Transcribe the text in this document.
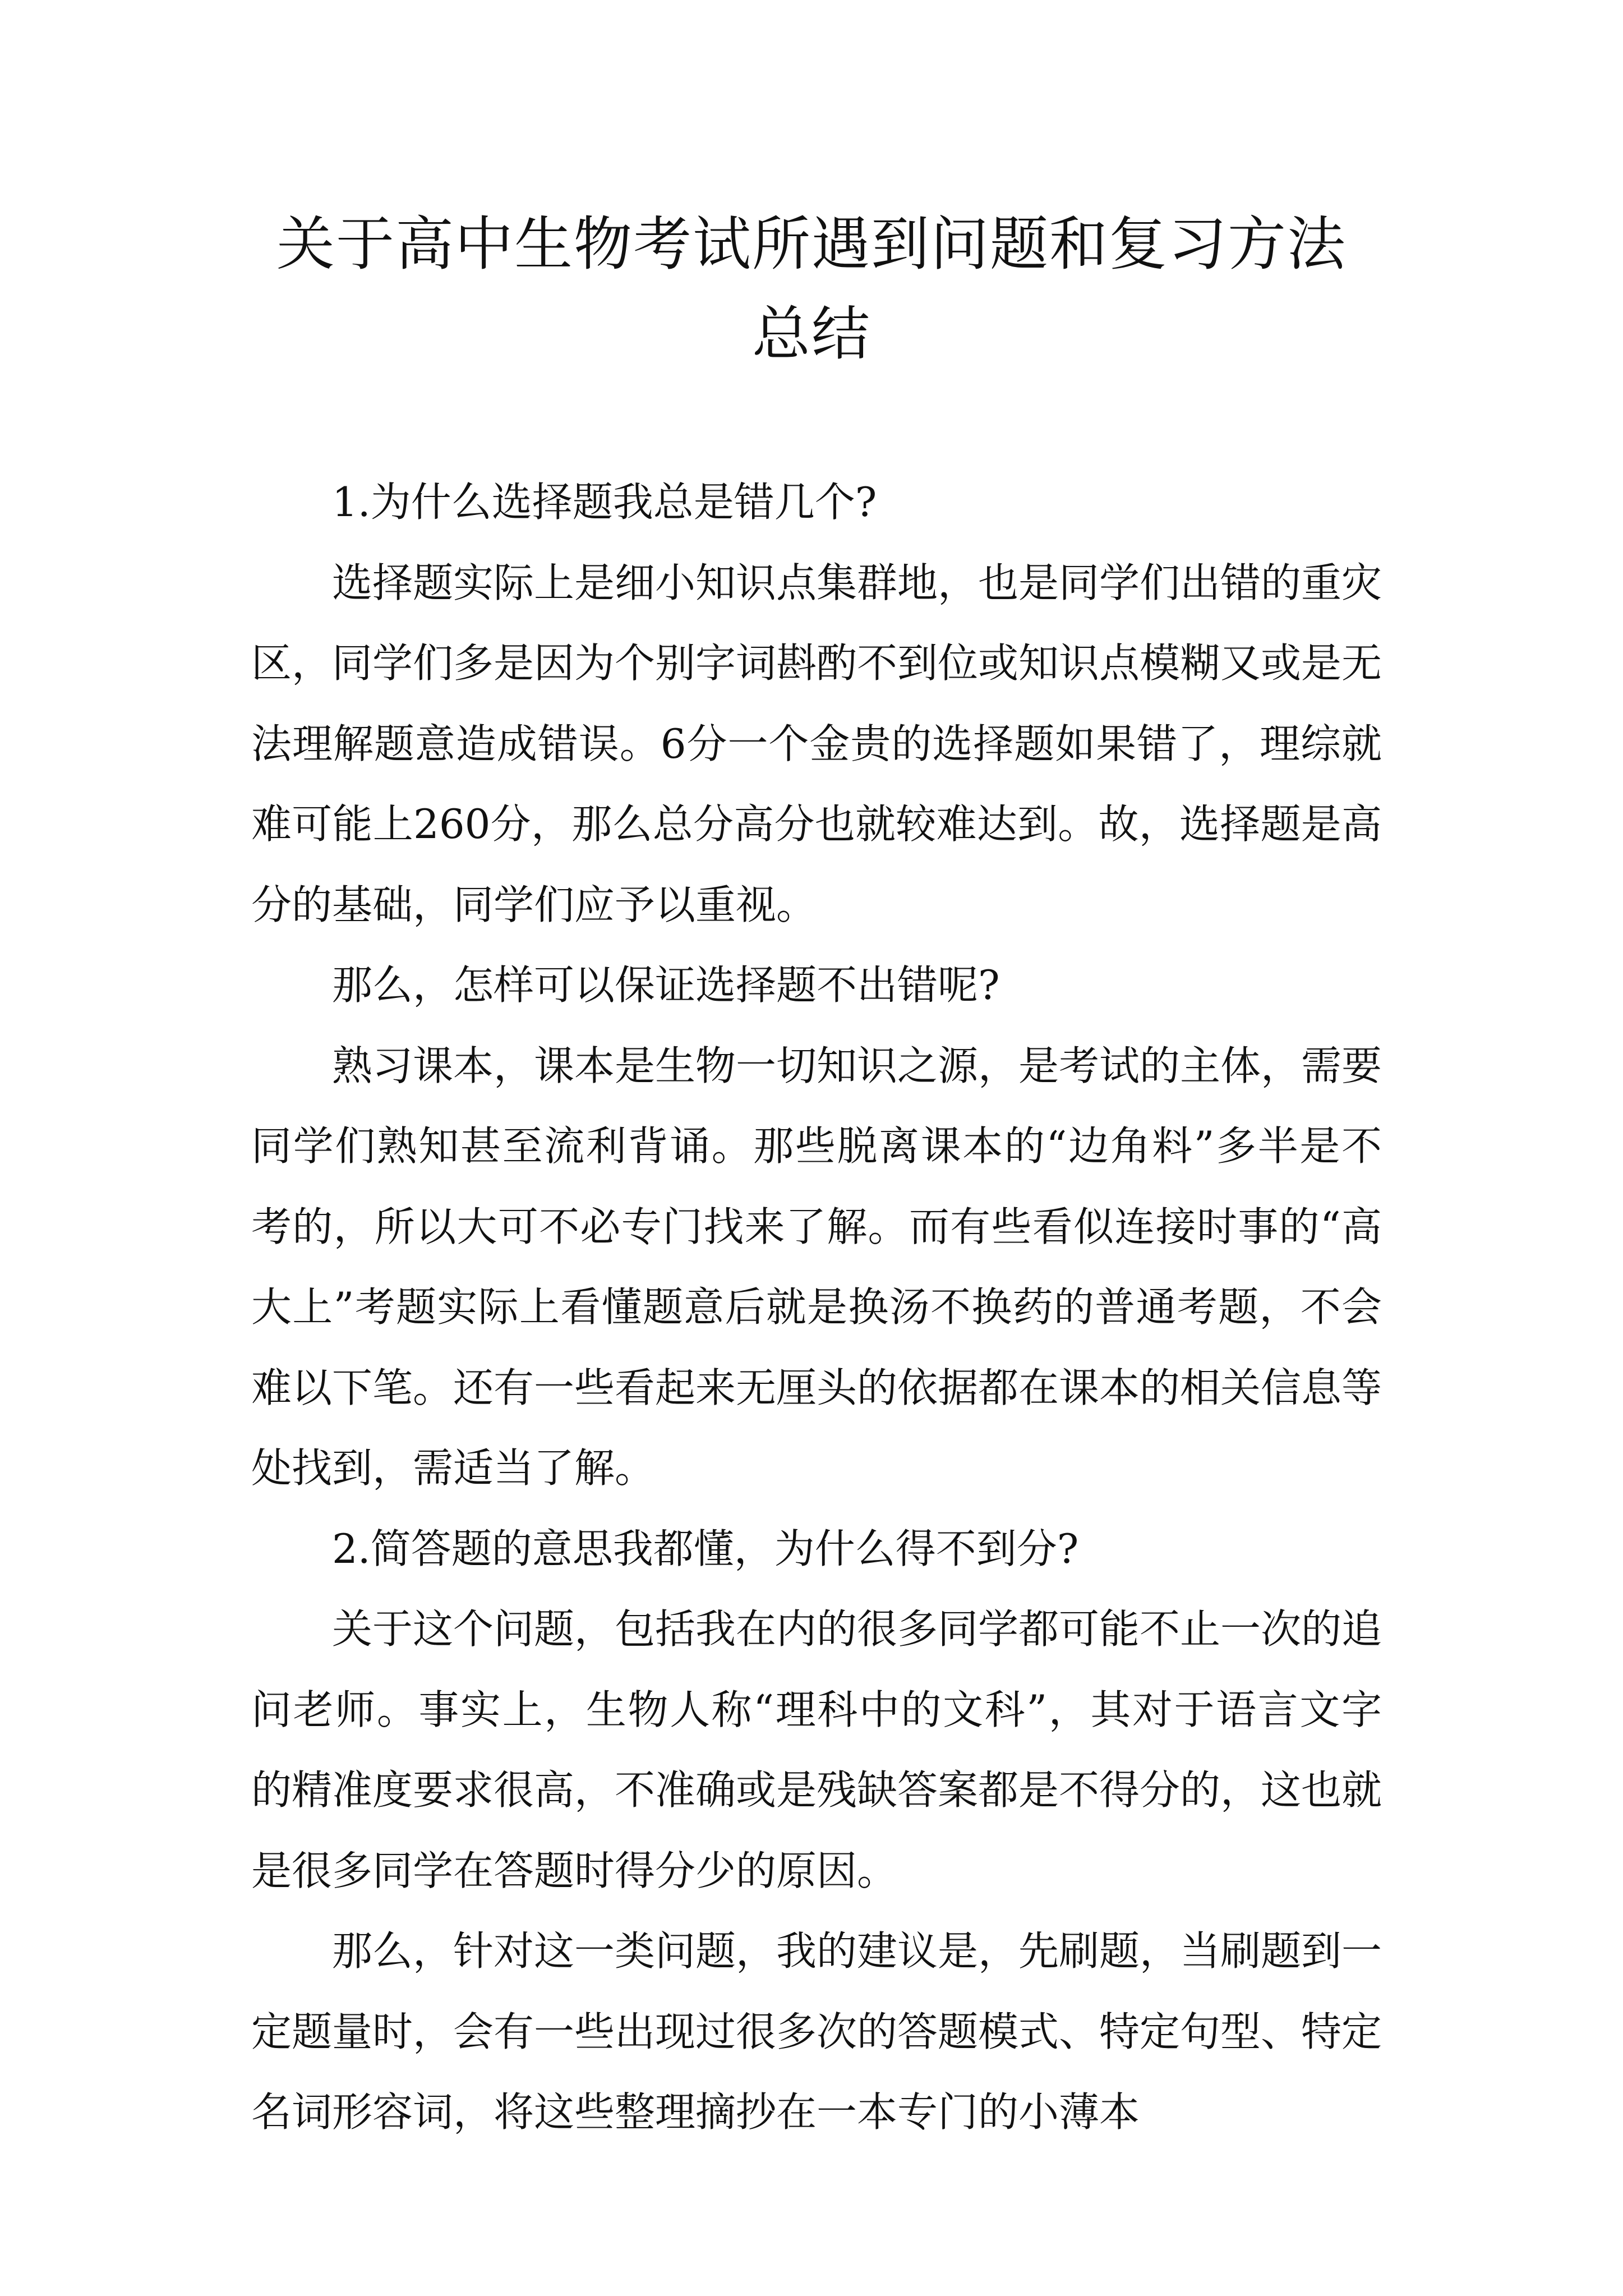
关于高中生物考试所遇到问题和复习方法
总结

1.为什么选择题我总是错几个?

选择题实际上是细小知识点集群地，也是同学们出错的重灾区，同学们多是因为个别字词斟酌不到位或知识点模糊又或是无法理解题意造成错误。6分一个金贵的选择题如果错了，理综就难可能上260分，那么总分高分也就较难达到。故，选择题是高分的基础，同学们应予以重视。

那么，怎样可以保证选择题不出错呢?

熟习课本，课本是生物一切知识之源，是考试的主体，需要同学们熟知甚至流利背诵。那些脱离课本的“边角料”多半是不考的，所以大可不必专门找来了解。而有些看似连接时事的“高大上”考题实际上看懂题意后就是换汤不换药的普通考题，不会难以下笔。还有一些看起来无厘头的依据都在课本的相关信息等处找到，需适当了解。

2.简答题的意思我都懂，为什么得不到分?

关于这个问题，包括我在内的很多同学都可能不止一次的追问老师。事实上，生物人称“理科中的文科”，其对于语言文字的精准度要求很高，不准确或是残缺答案都是不得分的，这也就是很多同学在答题时得分少的原因。

那么，针对这一类问题，我的建议是，先刷题，当刷题到一定题量时，会有一些出现过很多次的答题模式、特定句型、特定名词形容词，将这些整理摘抄在一本专门的小薄本
